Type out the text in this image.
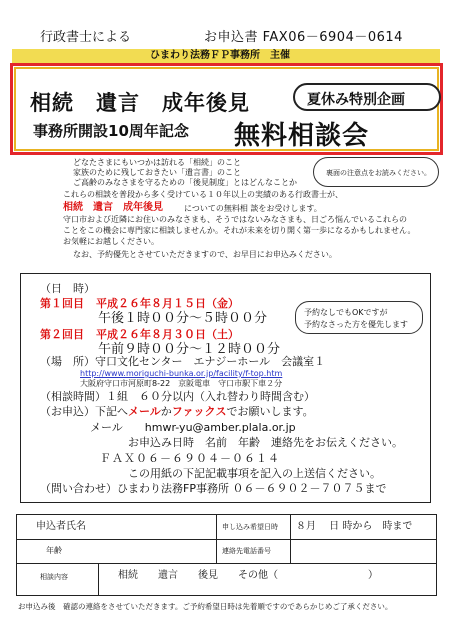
行政書士による	お申込書 FAX06－6904－0614
ひまわり法務ＦＰ事務所　主催
相続　遺言　成年後見	夏休み特別企画
事務所開設10周年記念 無料相談会
どなたさまにもいつかは訪れる「相続」のこと
家族のために残しておきたい「遺言書」のこと
ご高齢のみなさまを守るための「後見制度」とはどんなことか
これらの相談を普段から多く受けている１０年以上の実績のある行政書士が、
相続　遺言　成年後見	についての無料相 談をお受けします。
守口市および近隣にお住いのみなさまも、そうではないみなさまも、日ごろ悩んでいるこれらの
ことをこの機会に専門家に相談しませんか。それが未来を切り開く第一歩になるかもしれません。
お気軽にお越しください。
なお、予約優先とさせていただきますので、お早目にお申込みください。
裏面の注意点をお読みください。
（日　時）
第１回目 平成２６年８月１５日（金）
午後１時００分～５時００分
第２回目 平成２６年８月３０日（土）
午前９時００分～１２時００分
予約なしでもOKですが
予約なさった方を優先します
（場　所）守口文化センター　エナジーホール　会議室１
http://www.moriguchi-bunka.or.jp/facility/f-top.htm
大阪府守口市河原町8-22　京阪電車　守口市駅下車２分
（相談時間）１組　６０分以内（入れ替わり時間含む）
（お申込）下記へメールかファックスでお願いします。
メール　　hmwr-yu@amber.plala.or.jp
お申込み日時　名前　年齢　連絡先をお伝えください。
ＦＡＸ０６－６９０４－０６１４
この用紙の下記記載事項を記入の上送信ください。
（問い合わせ）ひまわり法務FP事務所 ０６－６９０２－７０７５まで
申込者氏名	申し込み希望日時 ８月　 日 時から　時まで
年齢	連絡先電話番号
相談内容	相続　　遺言　　後見　　その他（　　　　　　　　　）
お申込み後　確認の連絡をさせていただきます。ご予約希望日時は先着順ですのであらかじめご了承ください。
